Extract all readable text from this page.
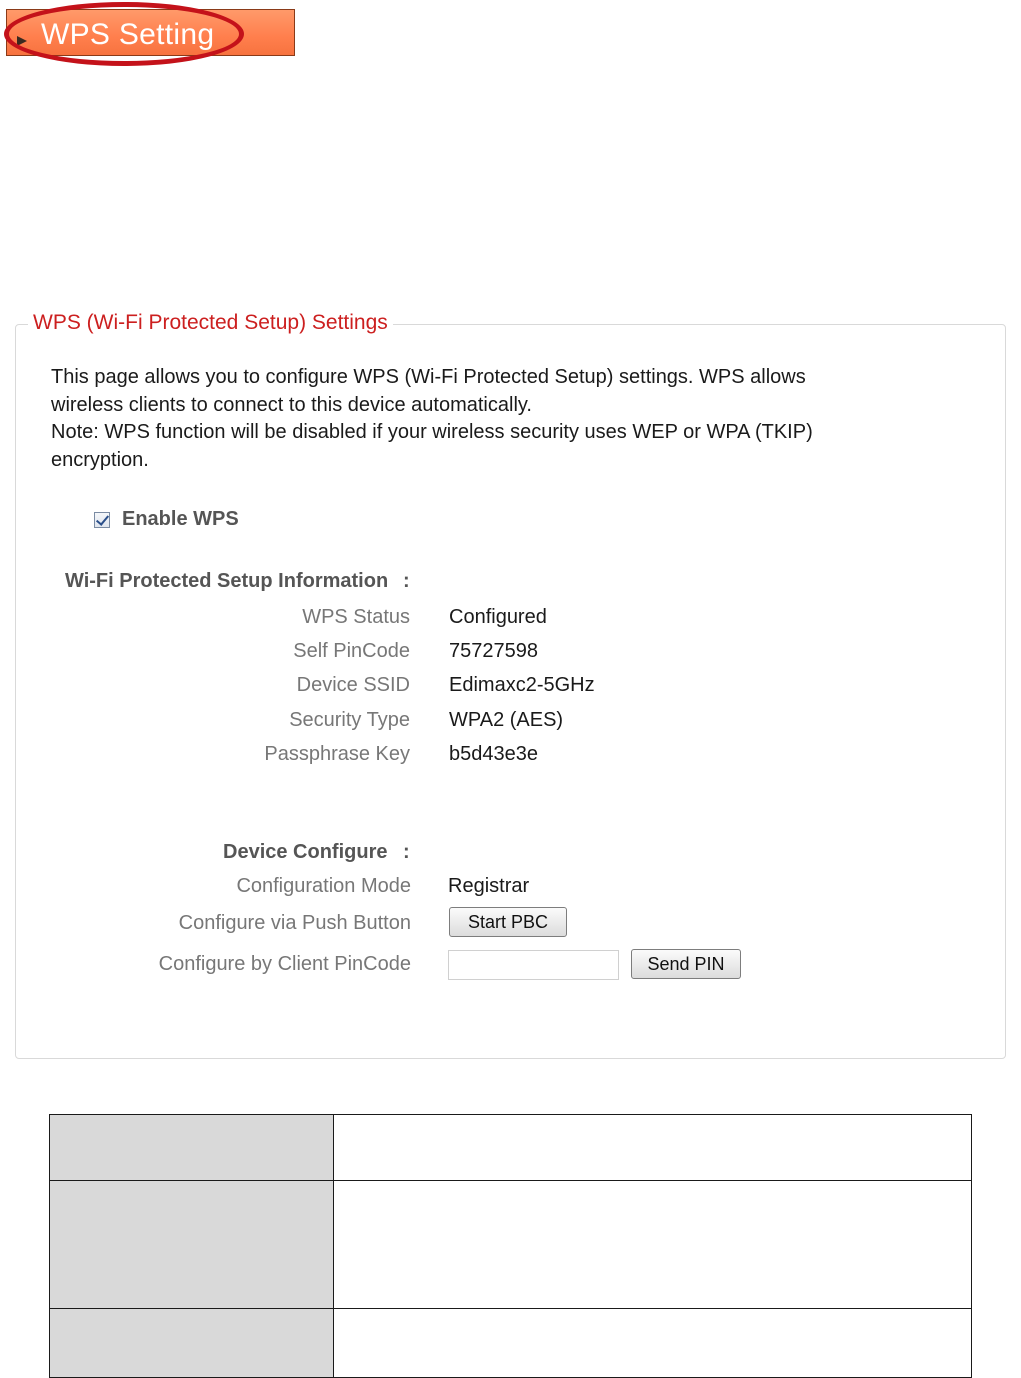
WPS Setting
WPS (Wi-Fi Protected Setup) Settings
This page allows you to configure WPS (Wi-Fi Protected Setup) settings. WPS allows
wireless clients to connect to this device automatically.
Note: WPS function will be disabled if your wireless security uses WEP or WPA (TKIP)
encryption.
Enable WPS
Wi-Fi Protected Setup Information :
WPS Status Configured
Self PinCode 75727598
Device SSID Edimaxc2-5GHz
Security Type WPA2 (AES)
Passphrase Key b5d43e3e
Device Configure :
Configuration Mode Registrar
Configure via Push Button	Start PBC
Configure by Client PinCode	Send PIN
